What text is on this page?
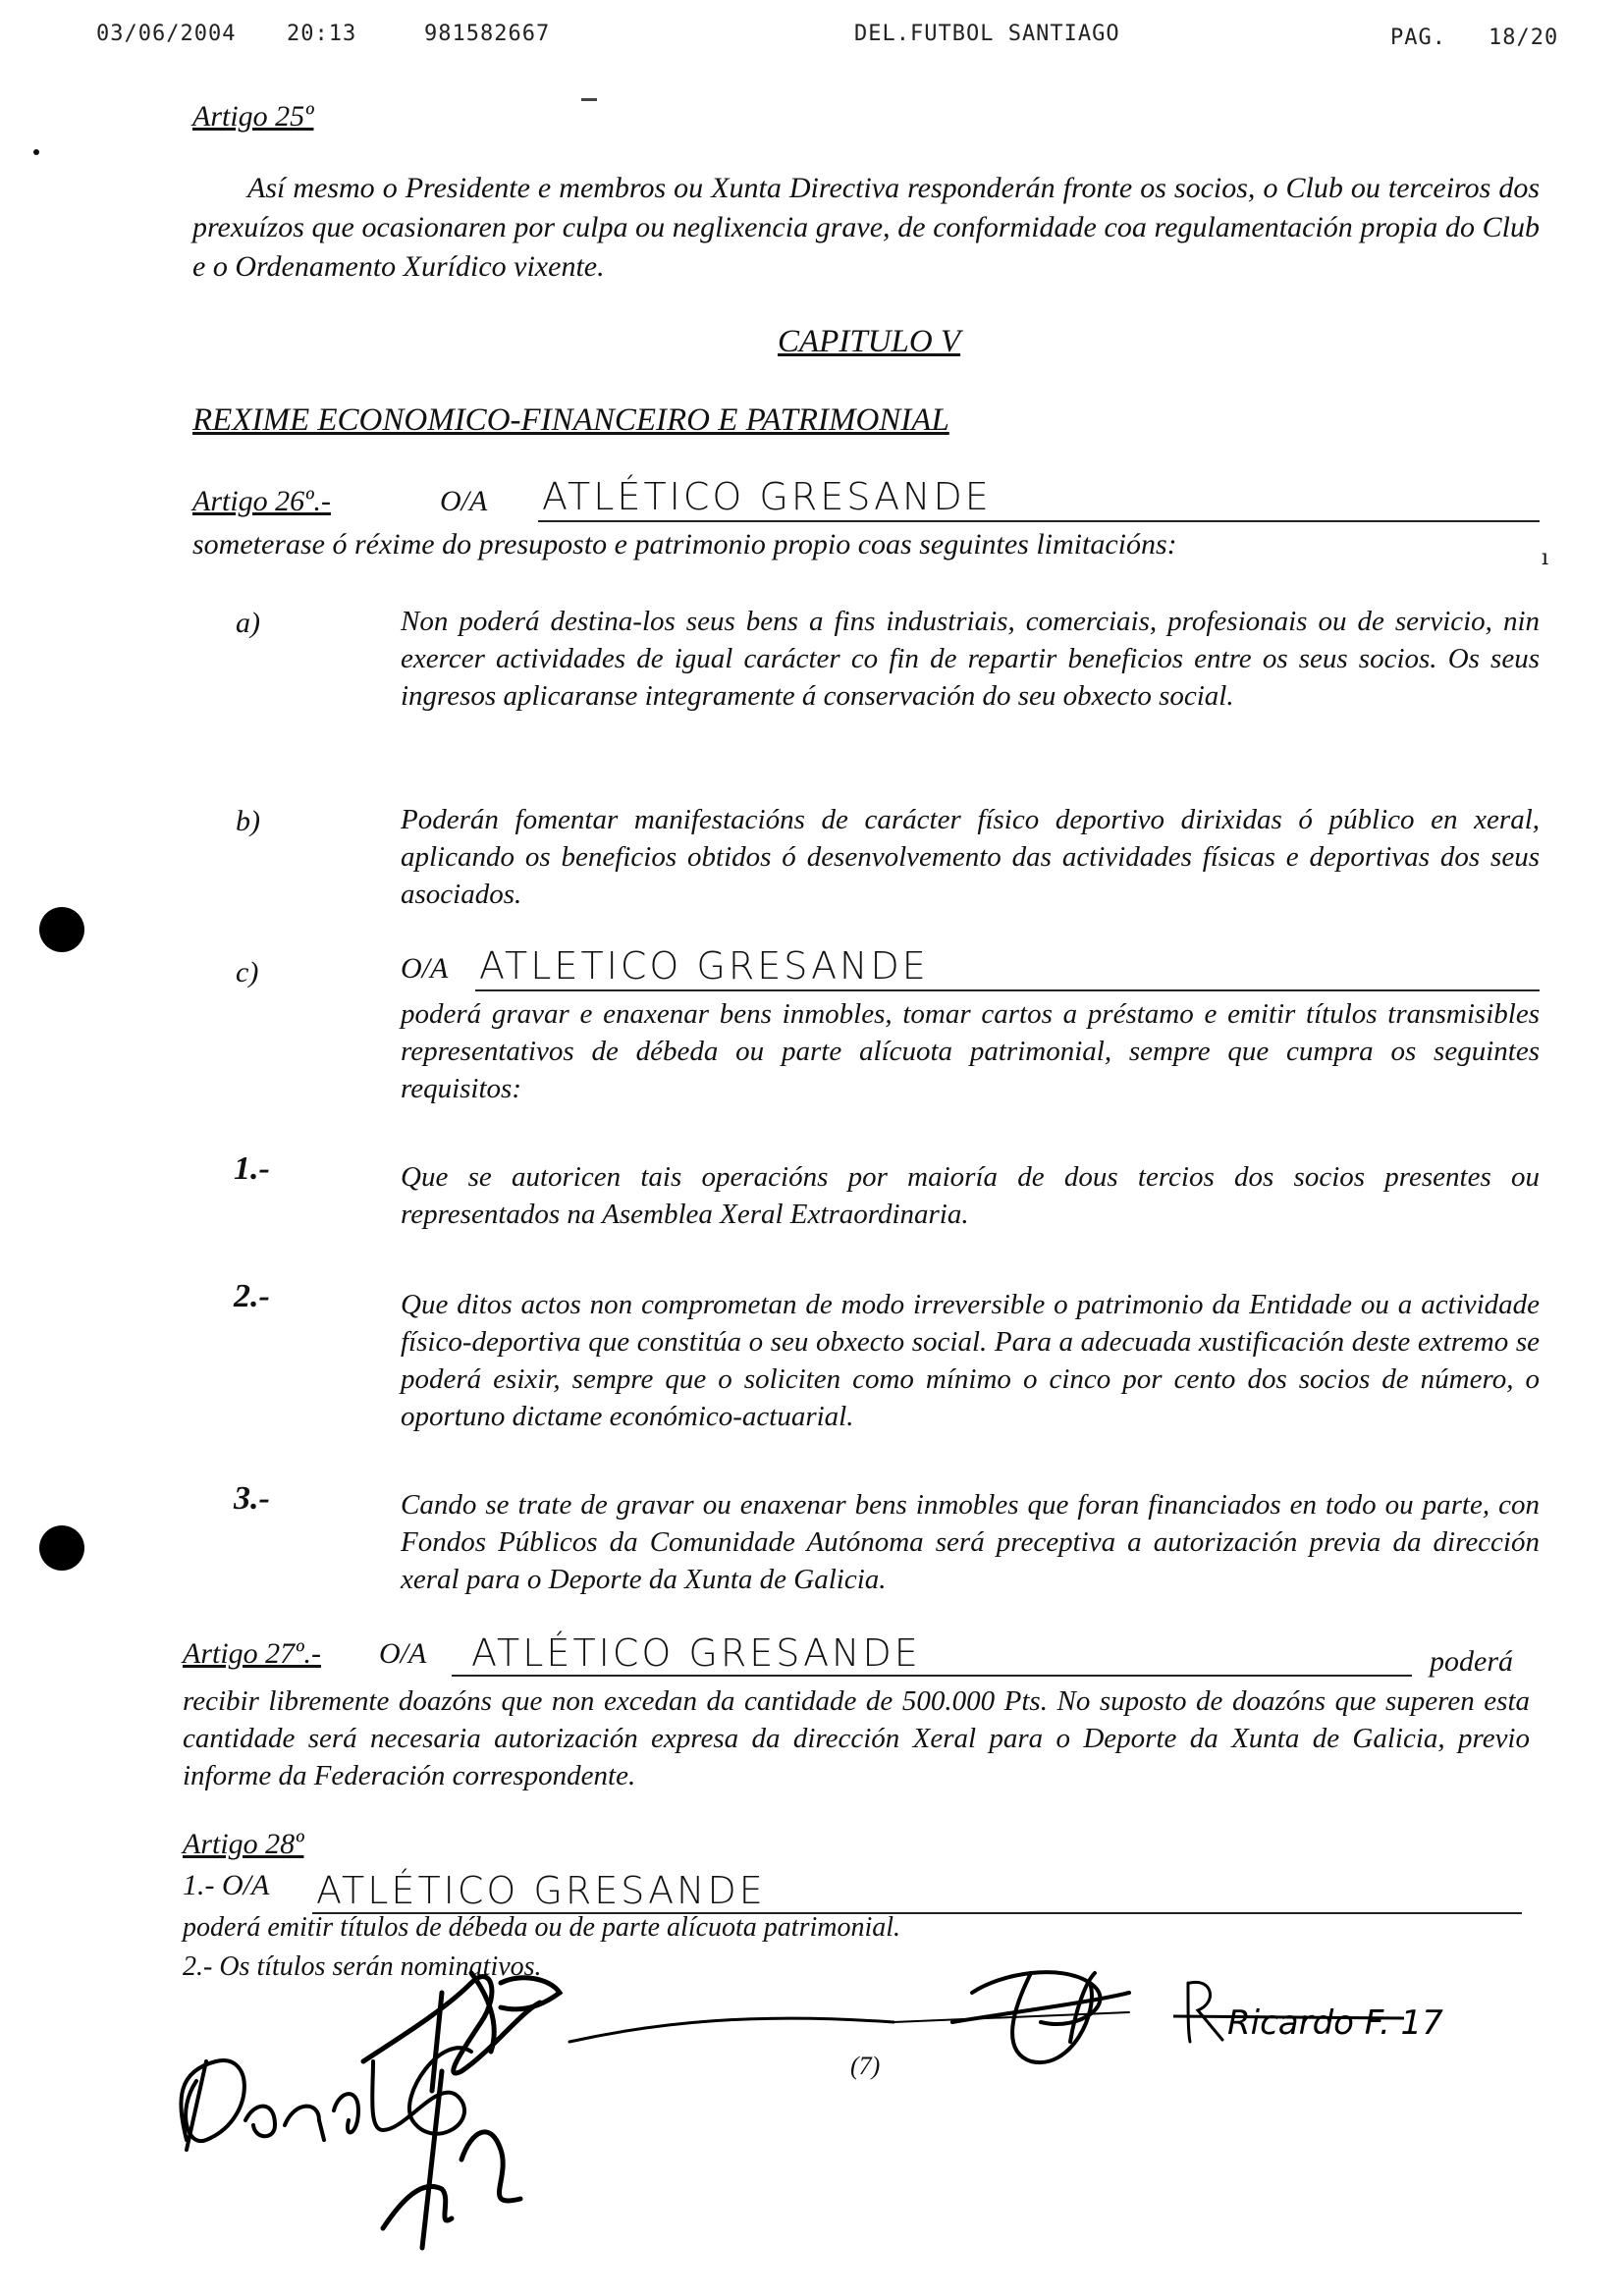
03/06/2004 20:13	981582667	DEL.FUTBOL SANTIAGO	PAG. 18/20
Artigo 25º
Así mesmo o Presidente e membros ou Xunta Directiva responderán fronte os socios, o Club ou terceiros dos prexuízos que ocasionaren por culpa ou neglixencia grave, de conformidade coa regulamentación propia do Club e o Ordenamento Xurídico vixente.
CAPITULO V
REXIME ECONOMICO-FINANCEIRO E PATRIMONIAL
Artigo 26º.-	O/A ATLÉTICO GRESANDE
someterase ó réxime do presuposto e patrimonio propio coas seguintes limitacións:	ı
a)	Non poderá destina-los seus bens a fins industriais, comerciais, profesionais ou de servicio, nin exercer actividades de igual carácter co fin de repartir beneficios entre os seus socios. Os seus ingresos aplicaranse integramente á conservación do seu obxecto social.
b)	Poderán fomentar manifestacións de carácter físico deportivo dirixidas ó público en xeral, aplicando os beneficios obtidos ó desenvolvemento das actividades físicas e deportivas dos seus asociados.
c)	O/A ATLETICO GRESANDE
poderá gravar e enaxenar bens inmobles, tomar cartos a préstamo e emitir títulos transmisibles representativos de débeda ou parte alícuota patrimonial, sempre que cumpra os seguintes requisitos:
1.-	Que se autoricen tais operacións por maioría de dous tercios dos socios presentes ou representados na Asemblea Xeral Extraordinaria.
2.-	Que ditos actos non comprometan de modo irreversible o patrimonio da Entidade ou a actividade físico-deportiva que constitúa o seu obxecto social. Para a adecuada xustificación deste extremo se poderá esixir, sempre que o soliciten como mínimo o cinco por cento dos socios de número, o oportuno dictame económico-actuarial.
3.-	Cando se trate de gravar ou enaxenar bens inmobles que foran financiados en todo ou parte, con Fondos Públicos da Comunidade Autónoma será preceptiva a autorización previa da dirección xeral para o Deporte da Xunta de Galicia.
Artigo 27º.- O/A ATLÉTICO GRESANDE	poderá
recibir libremente doazóns que non excedan da cantidade de 500.000 Pts. No suposto de doazóns que superen esta cantidade será necesaria autorización expresa da dirección Xeral para o Deporte da Xunta de Galicia, previo informe da Federación correspondente.
Artigo 28º
1.- O/A ATLÉTICO GRESANDE
poderá emitir títulos de débeda ou de parte alícuota patrimonial.
2.- Os títulos serán nominativos.
(7)
Ricardo F. 17
